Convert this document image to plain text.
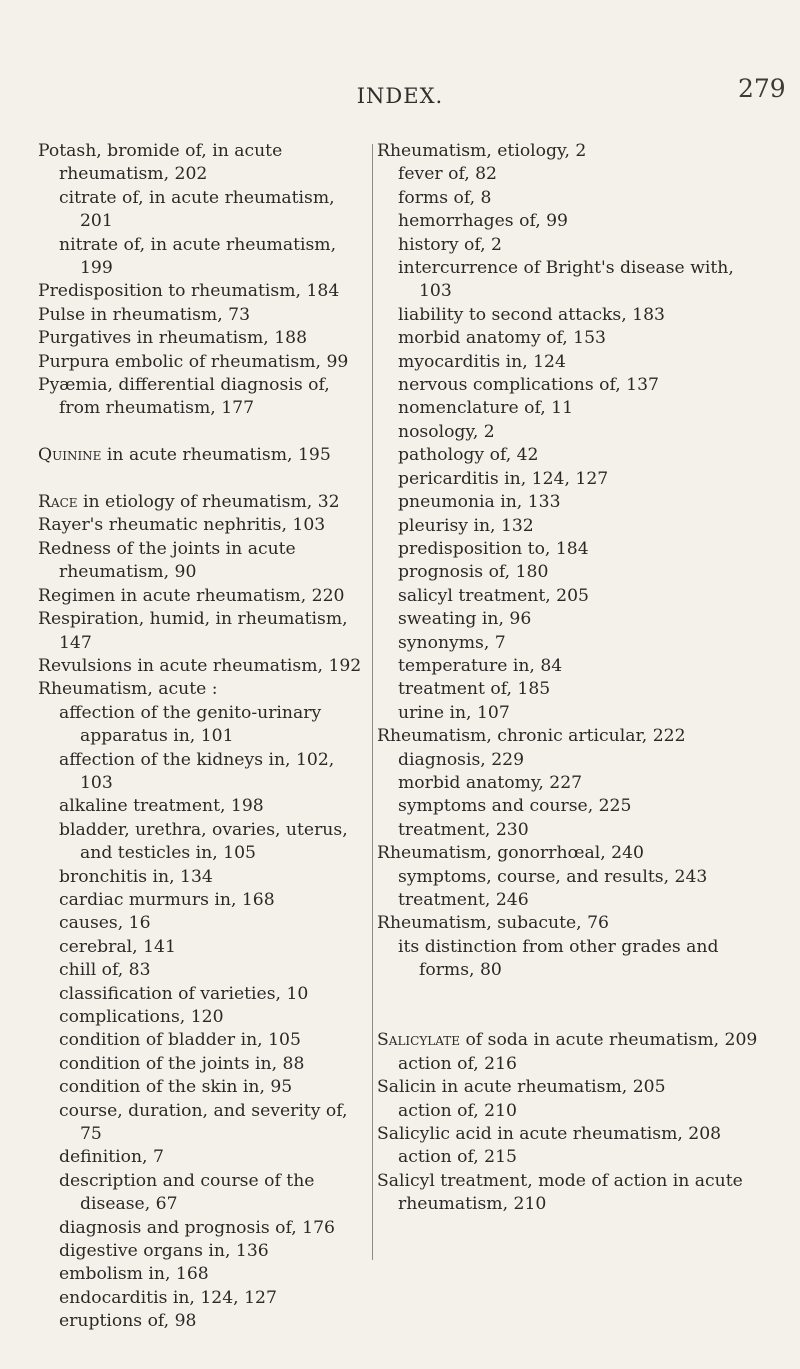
INDEX.	279

Potash, bromide of, in acute rheumatism, 202

citrate of, in acute rheumatism, 201

nitrate of, in acute rheumatism, 199

Predisposition to rheumatism, 184

Pulse in rheumatism, 73

Purgatives in rheumatism, 188

Purpura embolic of rheumatism, 99

Pyæmia, differential diagnosis of, from rheumatism, 177

Quinine in acute rheumatism, 195

Race in etiology of rheumatism, 32

Rayer's rheumatic nephritis, 103

Redness of the joints in acute rheumatism, 90

Regimen in acute rheumatism, 220

Respiration, humid, in rheumatism, 147

Revulsions in acute rheumatism, 192

Rheumatism, acute :

affection of the genito-urinary apparatus in, 101

affection of the kidneys in, 102, 103

alkaline treatment, 198

bladder, urethra, ovaries, uterus, and testicles in, 105

bronchitis in, 134

cardiac murmurs in, 168

causes, 16

cerebral, 141

chill of, 83

classification of varieties, 10

complications, 120

condition of bladder in, 105

condition of the joints in, 88

condition of the skin in, 95

course, duration, and severity of, 75

definition, 7

description and course of the disease, 67

diagnosis and prognosis of, 176

digestive organs in, 136

embolism in, 168

endocarditis in, 124, 127

eruptions of, 98

Rheumatism, etiology, 2

fever of, 82

forms of, 8

hemorrhages of, 99

history of, 2

intercurrence of Bright's disease with, 103

liability to second attacks, 183

morbid anatomy of, 153

myocarditis in, 124

nervous complications of, 137

nomenclature of, 11

nosology, 2

pathology of, 42

pericarditis in, 124, 127

pneumonia in, 133

pleurisy in, 132

predisposition to, 184

prognosis of, 180

salicyl treatment, 205

sweating in, 96

synonyms, 7

temperature in, 84

treatment of, 185

urine in, 107

Rheumatism, chronic articular, 222

diagnosis, 229

morbid anatomy, 227

symptoms and course, 225

treatment, 230

Rheumatism, gonorrhœal, 240

symptoms, course, and results, 243

treatment, 246

Rheumatism, subacute, 76

its distinction from other grades and forms, 80

Salicylate of soda in acute rheumatism, 209

action of, 216

Salicin in acute rheumatism, 205

action of, 210

Salicylic acid in acute rheumatism, 208

action of, 215

Salicyl treatment, mode of action in acute rheumatism, 210
